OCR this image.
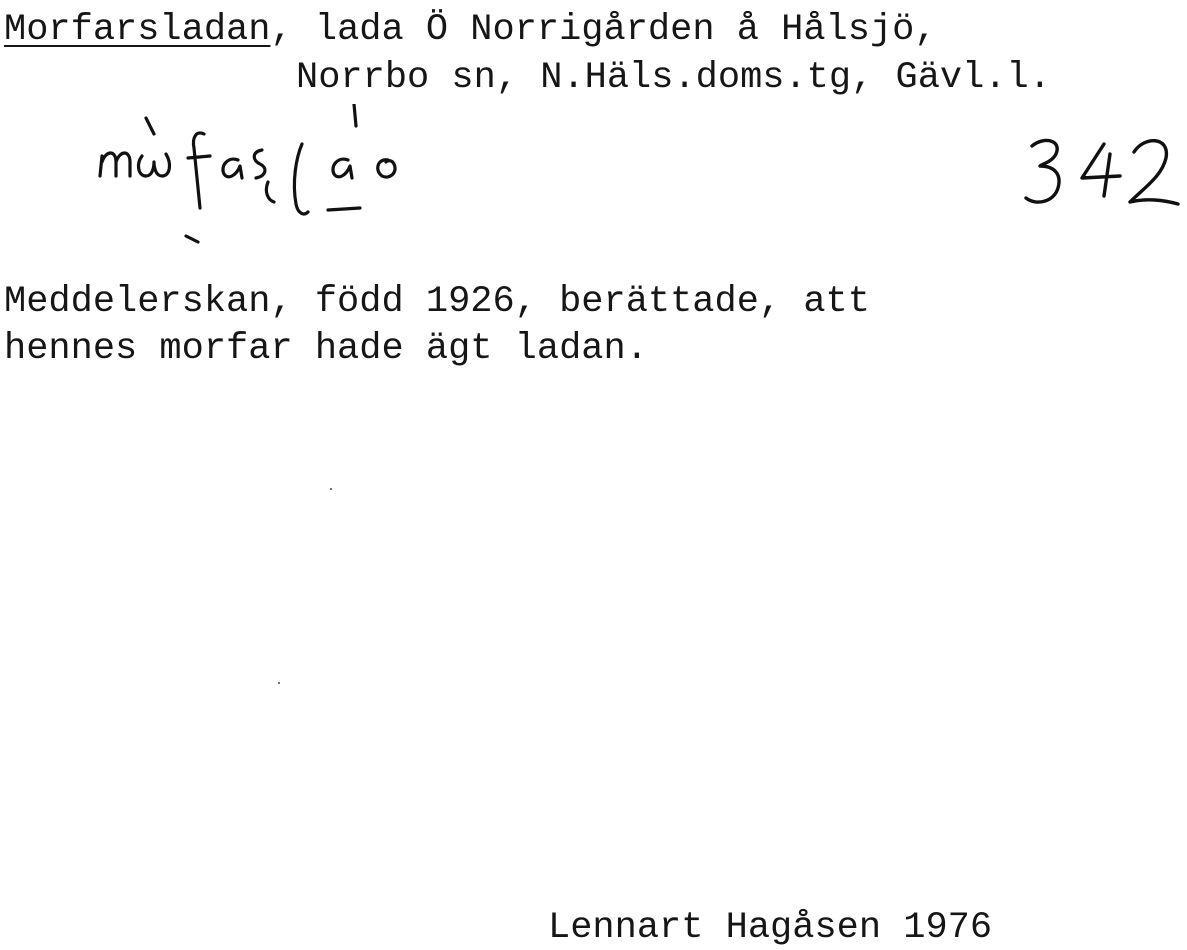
Morfarsladan, lada Ö Norrigården å Hålsjö,
Norrbo sn, N.Häls.doms.tg, Gävl.l.
Meddelerskan, född 1926, berättade, att
hennes morfar hade ägt ladan.
Lennart Hagåsen 1976
